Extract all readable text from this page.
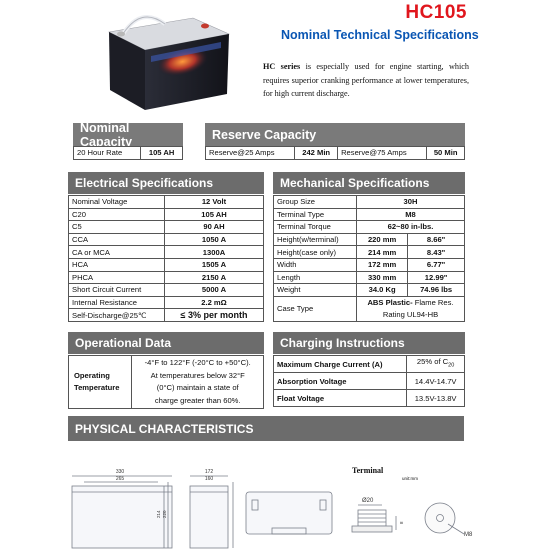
HC105
Nominal Technical Specifications
HC series is especially used for engine starting, which requires superior cranking performance at lower temperatures, for high current discharge.
Nominal Capacity
20 Hour Rate	105 AH
Reserve Capacity
Reserve@25 Amps	242 Min	Reserve@75 Amps	50 Min
Electrical Specifications
Nominal Voltage	12 Volt
C20	105 AH
C5	90 AH
CCA	1050 A
CA or MCA	1300A
HCA	1505 A
PHCA	2150 A
Short Circuit Current	5000 A
Internal Resistance	2.2 mΩ
Self-Discharge@25℃	≤ 3% per month
Mechanical Specifications
Group Size	30H	
Terminal Type	M8	
Terminal Torque	62~80 in-lbs.	
Height(w/terminal)	220 mm	8.66"
Height(case only)	214 mm	8.43"
Width	172 mm	6.77"
Length	330 mm	12.99"
Weight	34.0 Kg	74.96 lbs
Case Type	ABS Plastic- Flame Res.
Rating UL94-HB	
Operational Data
Operating
Temperature	-4°F to 122°F (-20°C to +50°C).
At temperatures below 32°F
(0°C) maintain a state of
charge greater than 60%.
Charging Instructions
Maximum Charge Current (A)	25% of $C_{20}$
Absorption Voltage	14.4V-14.7V
Float Voltage	13.5V-13.8V
PHYSICAL CHARACTERISTICS
330
265
214 220
172
160
Terminal
unit:mm
Ø20
8
M8
